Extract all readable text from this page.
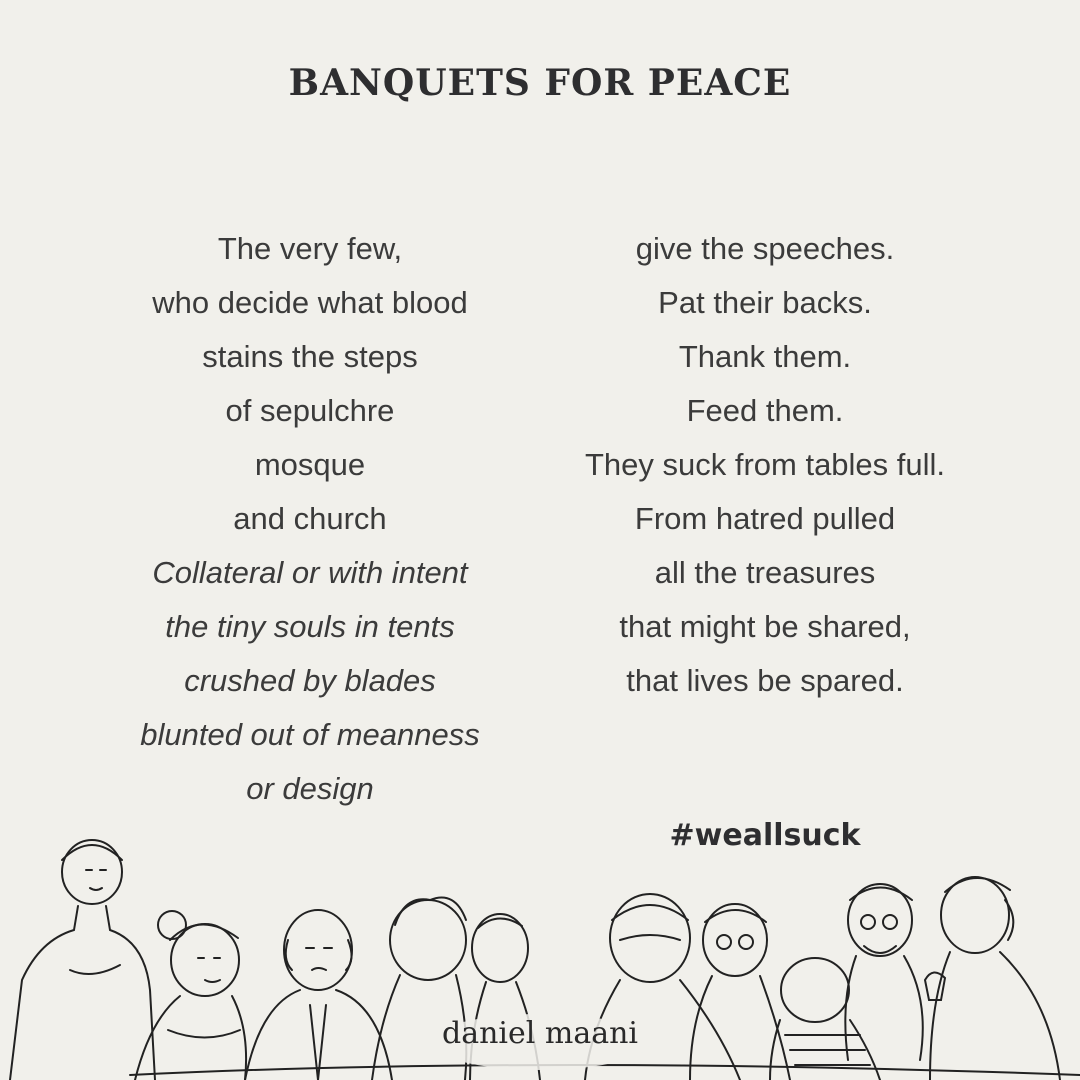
BANQUETS FOR PEACE
The very few,
who decide what blood
stains the steps
of sepulchre
mosque
and church
Collateral or with intent
the tiny souls in tents
crushed by blades
blunted out of meanness
or design
give the speeches.
Pat their backs.
Thank them.
Feed them.
They suck from tables full.
From hatred pulled
all the treasures
that might be shared,
that lives be spared.
#weallsuck
daniel maani
